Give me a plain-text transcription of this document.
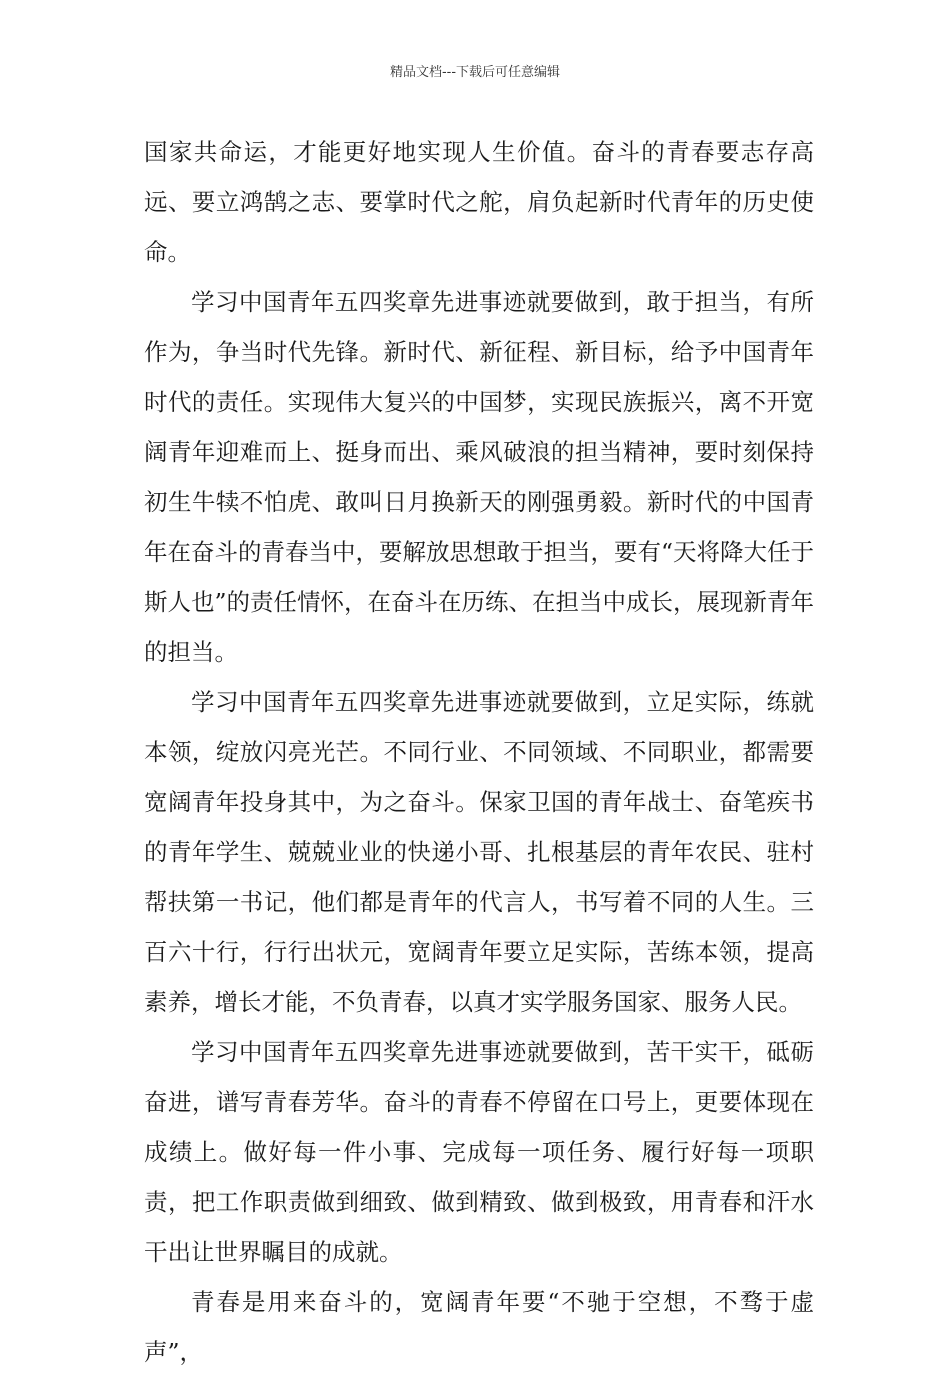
精品文档---下载后可任意编辑

国家共命运，才能更好地实现人生价值。奋斗的青春要志存高远、要立鸿鹄之志、要掌时代之舵，肩负起新时代青年的历史使命。

学习中国青年五四奖章先进事迹就要做到，敢于担当，有所作为，争当时代先锋。新时代、新征程、新目标，给予中国青年时代的责任。实现伟大复兴的中国梦，实现民族振兴，离不开宽阔青年迎难而上、挺身而出、乘风破浪的担当精神，要时刻保持初生牛犊不怕虎、敢叫日月换新天的刚强勇毅。新时代的中国青年在奋斗的青春当中，要解放思想敢于担当，要有“天将降大任于斯人也”的责任情怀，在奋斗在历练、在担当中成长，展现新青年的担当。

学习中国青年五四奖章先进事迹就要做到，立足实际，练就本领，绽放闪亮光芒。不同行业、不同领域、不同职业，都需要宽阔青年投身其中，为之奋斗。保家卫国的青年战士、奋笔疾书的青年学生、兢兢业业的快递小哥、扎根基层的青年农民、驻村帮扶第一书记，他们都是青年的代言人，书写着不同的人生。三百六十行，行行出状元，宽阔青年要立足实际，苦练本领，提高素养，增长才能，不负青春，以真才实学服务国家、服务人民。

学习中国青年五四奖章先进事迹就要做到，苦干实干，砥砺奋进，谱写青春芳华。奋斗的青春不停留在口号上，更要体现在成绩上。做好每一件小事、完成每一项任务、履行好每一项职责，把工作职责做到细致、做到精致、做到极致，用青春和汗水干出让世界瞩目的成就。

青春是用来奋斗的，宽阔青年要“不驰于空想，不骛于虚声”，
